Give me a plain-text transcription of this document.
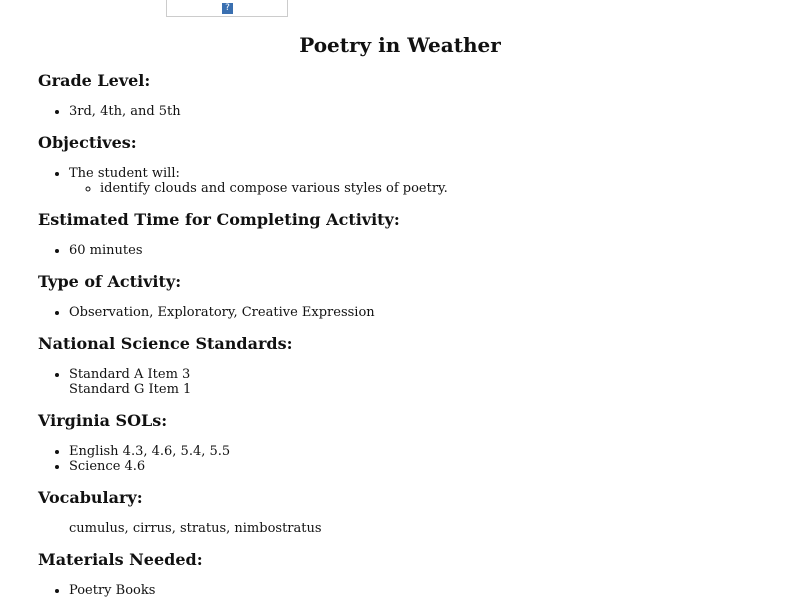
?
Poetry in Weather
Grade Level:
• 3rd, 4th, and 5th
Objectives:
• The student will:
◦ identify clouds and compose various styles of poetry.
Estimated Time for Completing Activity:
• 60 minutes
Type of Activity:
• Observation, Exploratory, Creative Expression
National Science Standards:
• Standard A Item 3
Standard G Item 1
Virginia SOLs:
• English 4.3, 4.6, 5.4, 5.5
• Science 4.6
Vocabulary:
cumulus, cirrus, stratus, nimbostratus
Materials Needed:
• Poetry Books
